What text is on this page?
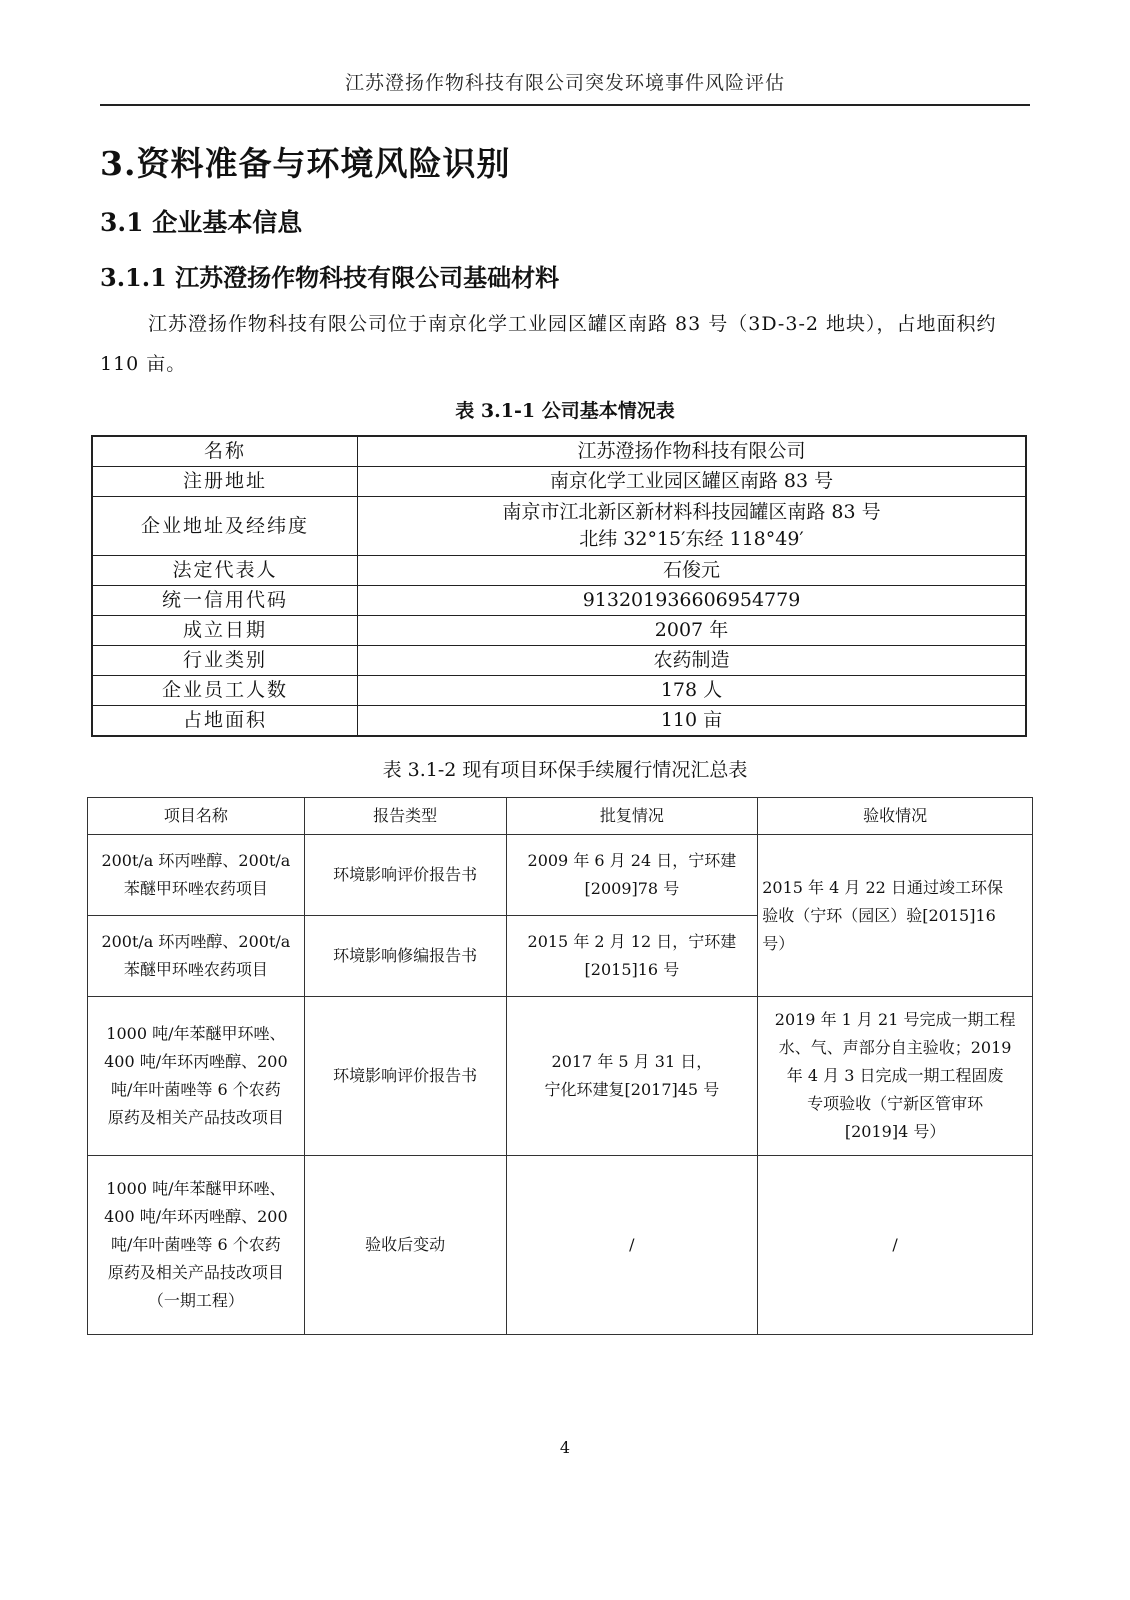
江苏澄扬作物科技有限公司突发环境事件风险评估
3.资料准备与环境风险识别
3.1 企业基本信息
3.1.1 江苏澄扬作物科技有限公司基础材料
江苏澄扬作物科技有限公司位于南京化学工业园区罐区南路 83 号（3D-3-2 地块），占地面积约 110 亩。
表 3.1-1 公司基本情况表
名称	江苏澄扬作物科技有限公司
注册地址	南京化学工业园区罐区南路 83 号
企业地址及经纬度	南京市江北新区新材料科技园罐区南路 83 号
北纬 32°15′东经 118°49′

法定代表人	石俊元
统一信用代码	913201936606954779
成立日期	2007 年
行业类别	农药制造
企业员工人数	178 人
占地面积	110 亩
表 3.1-2 现有项目环保手续履行情况汇总表
项目名称	报告类型	批复情况	验收情况

200t/a 环丙唑醇、200t/a
苯醚甲环唑农药项目	环境影响评价报告书	2009 年 6 月 24 日，宁环建
[2009]78 号	2015 年 4 月 22 日通过竣工环保
验收（宁环（园区）验[2015]16
号）

200t/a 环丙唑醇、200t/a
苯醚甲环唑农药项目	环境影响修编报告书	2015 年 2 月 12 日，宁环建
[2015]16 号	

1000 吨/年苯醚甲环唑、
400 吨/年环丙唑醇、200
吨/年叶菌唑等 6 个农药
原药及相关产品技改项目	环境影响评价报告书	2017 年 5 月 31 日，
宁化环建复[2017]45 号	2019 年 1 月 21 号完成一期工程
水、气、声部分自主验收；2019
年 4 月 3 日完成一期工程固废
专项验收（宁新区管审环
[2019]4 号）

1000 吨/年苯醚甲环唑、
400 吨/年环丙唑醇、200
吨/年叶菌唑等 6 个农药
原药及相关产品技改项目
（一期工程）	验收后变动	/	/
4
